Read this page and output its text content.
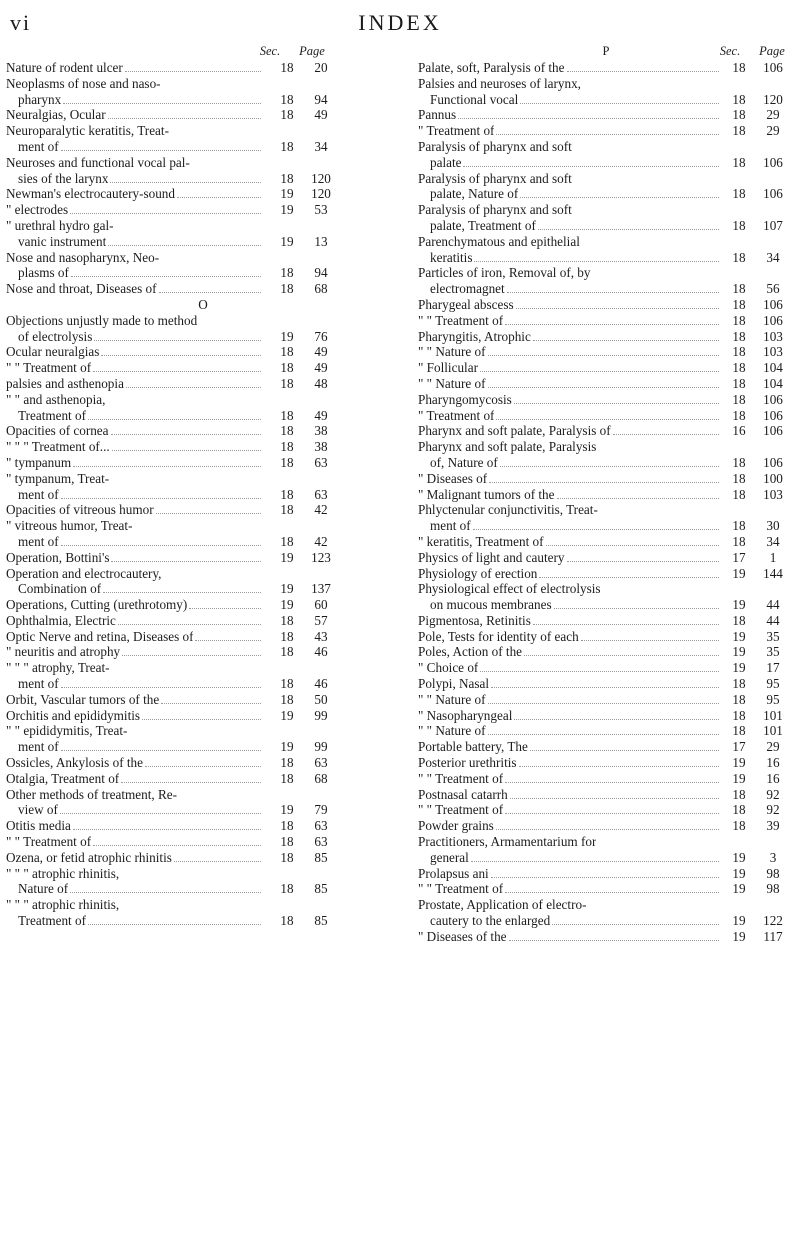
vi	INDEX
Sec.	Page
Nature of rodent ulcer	18	20
Neoplasms of nose and naso-
pharynx	18	94
Neuralgias, Ocular	18	49
Neuroparalytic keratitis, Treat-
ment of	18	34
Neuroses and functional vocal pal-
sies of the larynx	18	120
Newman's electrocautery-sound	19	120
" electrodes	19	53
" urethral hydro gal-
vanic instrument	19	13
Nose and nasopharynx, Neo-
plasms of	18	94
Nose and throat, Diseases of	18	68
O
Objections unjustly made to method
of electrolysis	19	76
Ocular neuralgias	18	49
" " Treatment of	18	49
palsies and asthenopia	18	48
" " and asthenopia,
Treatment of	18	49
Opacities of cornea	18	38
" " " Treatment of...	18	38
" tympanum	18	63
" tympanum, Treat-
ment of	18	63
Opacities of vitreous humor	18	42
" vitreous humor, Treat-
ment of	18	42
Operation, Bottini's	19	123
Operation and electrocautery,
Combination of	19	137
Operations, Cutting (urethrotomy)	19	60
Ophthalmia, Electric	18	57
Optic Nerve and retina, Diseases of	18	43
" neuritis and atrophy	18	46
" " " atrophy, Treat-
ment of	18	46
Orbit, Vascular tumors of the	18	50
Orchitis and epididymitis	19	99
" " epididymitis, Treat-
ment of	19	99
Ossicles, Ankylosis of the	18	63
Otalgia, Treatment of	18	68
Other methods of treatment, Re-
view of	19	79
Otitis media	18	63
" " Treatment of	18	63
Ozena, or fetid atrophic rhinitis	18	85
" " " atrophic rhinitis,
Nature of	18	85
" " " atrophic rhinitis,
Treatment of	18	85
P	Sec.	Page
Palate, soft, Paralysis of the	18	106
Palsies and neuroses of larynx,
Functional vocal	18	120
Pannus	18	29
" Treatment of	18	29
Paralysis of pharynx and soft
palate	18	106
Paralysis of pharynx and soft
palate, Nature of	18	106
Paralysis of pharynx and soft
palate, Treatment of	18	107
Parenchymatous and epithelial
keratitis	18	34
Particles of iron, Removal of, by
electromagnet	18	56
Pharygeal abscess	18	106
" " Treatment of	18	106
Pharyngitis, Atrophic	18	103
" " Nature of	18	103
" Follicular	18	104
" " Nature of	18	104
Pharyngomycosis	18	106
" Treatment of	18	106
Pharynx and soft palate, Paralysis of	16	106
Pharynx and soft palate, Paralysis
of, Nature of	18	106
" Diseases of	18	100
" Malignant tumors of the	18	103
Phlyctenular conjunctivitis, Treat-
ment of	18	30
" keratitis, Treatment of	18	34
Physics of light and cautery	17	1
Physiology of erection	19	144
Physiological effect of electrolysis
on mucous membranes	19	44
Pigmentosa, Retinitis	18	44
Pole, Tests for identity of each	19	35
Poles, Action of the	19	35
" Choice of	19	17
Polypi, Nasal	18	95
" " Nature of	18	95
" Nasopharyngeal	18	101
" " Nature of	18	101
Portable battery, The	17	29
Posterior urethritis	19	16
" " Treatment of	19	16
Postnasal catarrh	18	92
" " Treatment of	18	92
Powder grains	18	39
Practitioners, Armamentarium for
general	19	3
Prolapsus ani	19	98
" " Treatment of	19	98
Prostate, Application of electro-
cautery to the enlarged	19	122
" Diseases of the	19	117
